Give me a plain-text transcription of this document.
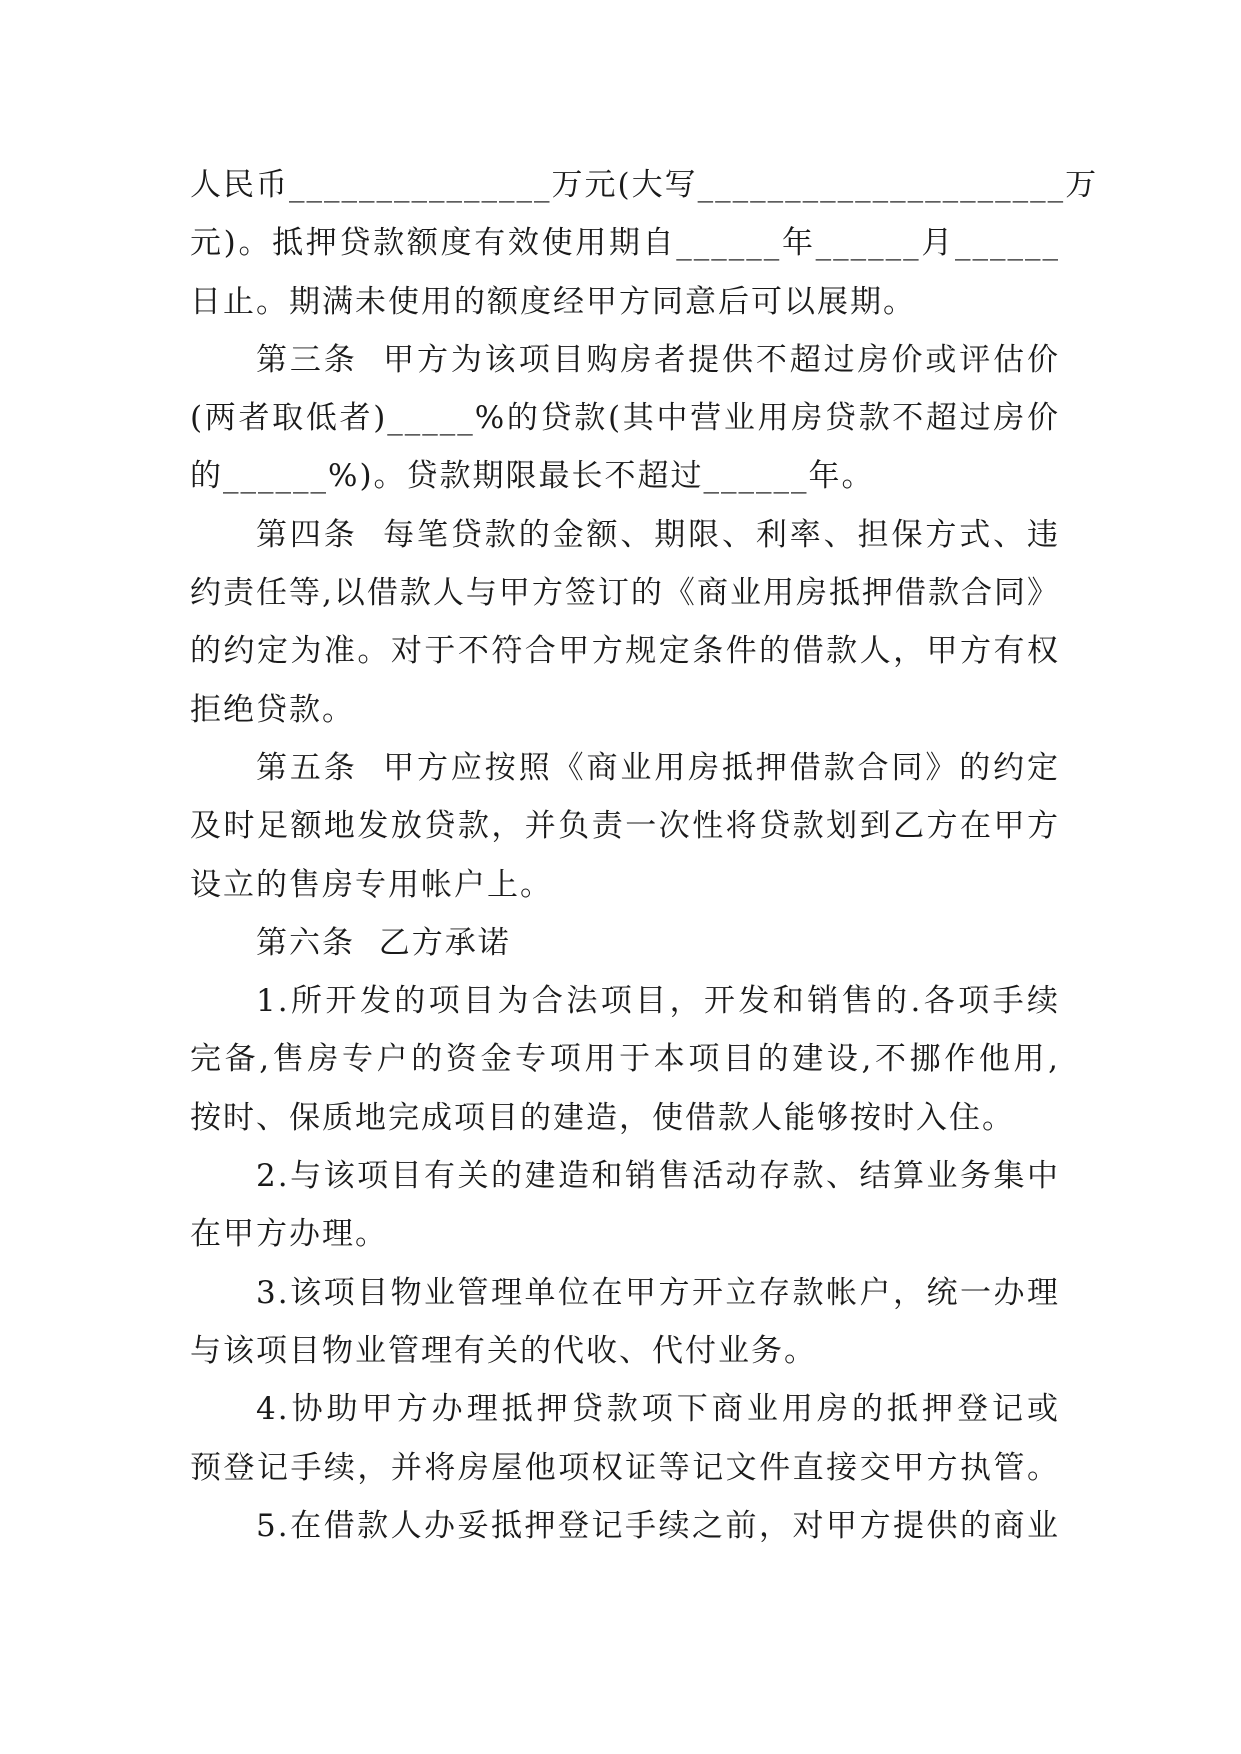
人民币_______________万元(大写_____________________万
元)。抵押贷款额度有效使用期自______年______月______
日止。期满未使用的额度经甲方同意后可以展期。
第三条  甲方为该项目购房者提供不超过房价或评估价
(两者取低者)_____%的贷款(其中营业用房贷款不超过房价
的______%)。贷款期限最长不超过______年。
第四条  每笔贷款的金额、期限、利率、担保方式、违
约责任等,以借款人与甲方签订的《商业用房抵押借款合同》
的约定为准。对于不符合甲方规定条件的借款人，甲方有权
拒绝贷款。
第五条  甲方应按照《商业用房抵押借款合同》的约定
及时足额地发放贷款，并负责一次性将贷款划到乙方在甲方
设立的售房专用帐户上。
第六条  乙方承诺
1.所开发的项目为合法项目，开发和销售的.各项手续
完备,售房专户的资金专项用于本项目的建设,不挪作他用,
按时、保质地完成项目的建造，使借款人能够按时入住。
2.与该项目有关的建造和销售活动存款、结算业务集中
在甲方办理。
3.该项目物业管理单位在甲方开立存款帐户，统一办理
与该项目物业管理有关的代收、代付业务。
4.协助甲方办理抵押贷款项下商业用房的抵押登记或
预登记手续，并将房屋他项权证等记文件直接交甲方执管。
5.在借款人办妥抵押登记手续之前，对甲方提供的商业
